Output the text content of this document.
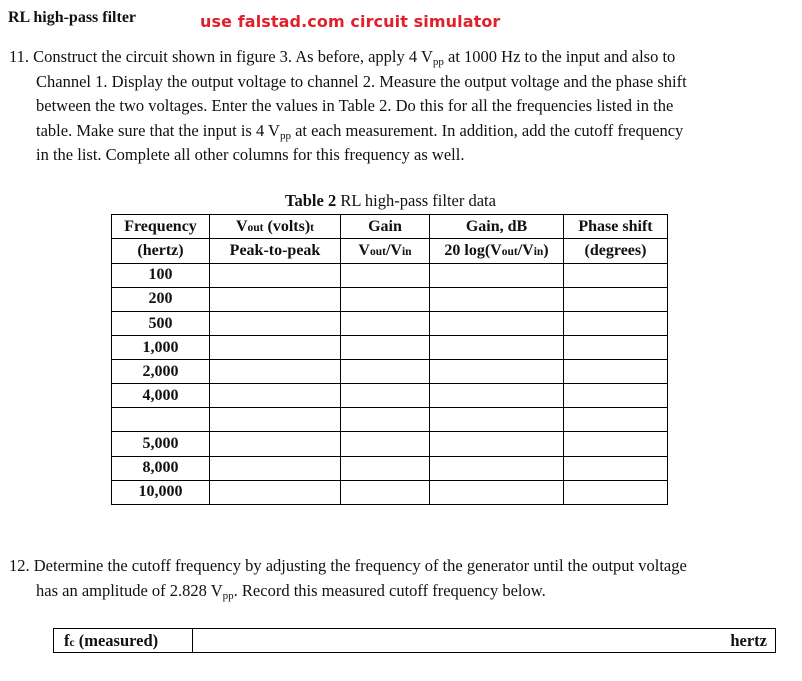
RL high-pass filter	use falstad.com circuit simulator
11. Construct the circuit shown in figure 3. As before, apply 4 $V_{pp}$ at 1000 Hz to the input and also to
Channel 1. Display the output voltage to channel 2. Measure the output voltage and the phase shift
between the two voltages. Enter the values in Table 2. Do this for all the frequencies listed in the
table. Make sure that the input is 4 $V_{pp}$ at each measurement. In addition, add the cutoff frequency
in the list. Complete all other columns for this frequency as well.
Table 2 RL high-pass filter data
Frequency	Vout (volts)t	Gain	Gain, dB	Phase shift
(hertz)	Peak-to-peak	Vout/Vin	20 log(Vout/Vin)	(degrees)
100				
200				
500				
1,000				
2,000				
4,000				

5,000				
8,000				
10,000				
12. Determine the cutoff frequency by adjusting the frequency of the generator until the output voltage
has an amplitude of 2.828 $V_{pp}$. Record this measured cutoff frequency below.
fc (measured)	hertz
